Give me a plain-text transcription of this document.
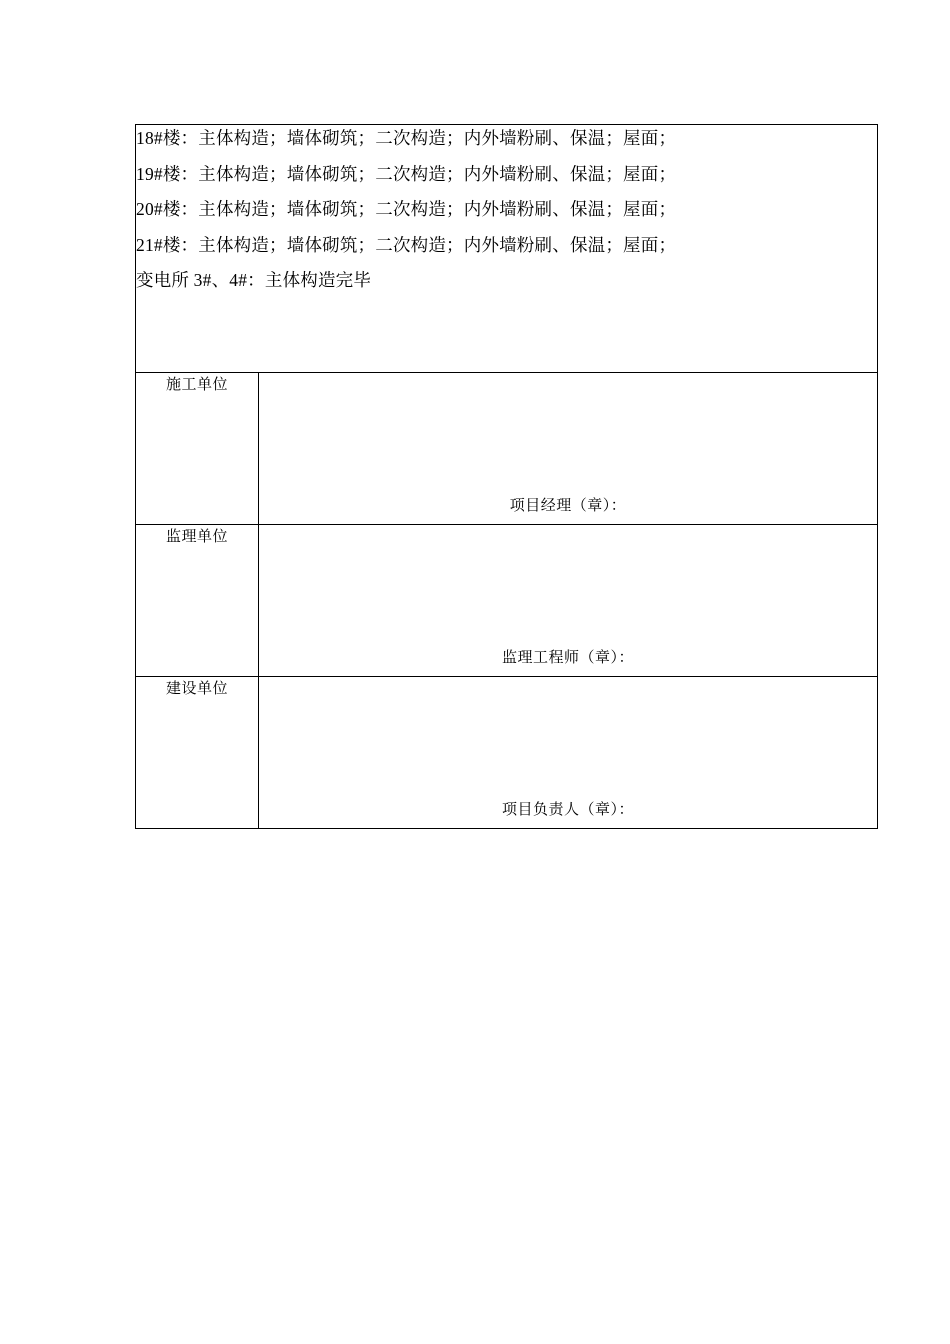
18#楼：主体构造；墙体砌筑；二次构造；内外墙粉刷、保温；屋面；
19#楼：主体构造；墙体砌筑；二次构造；内外墙粉刷、保温；屋面；
20#楼：主体构造；墙体砌筑；二次构造；内外墙粉刷、保温；屋面；
21#楼：主体构造；墙体砌筑；二次构造；内外墙粉刷、保温；屋面；
变电所 3#、4#：主体构造完毕	

施工单位	项目经理（章）：

监理单位	监理工程师（章）：

建设单位	项目负责人（章）：
